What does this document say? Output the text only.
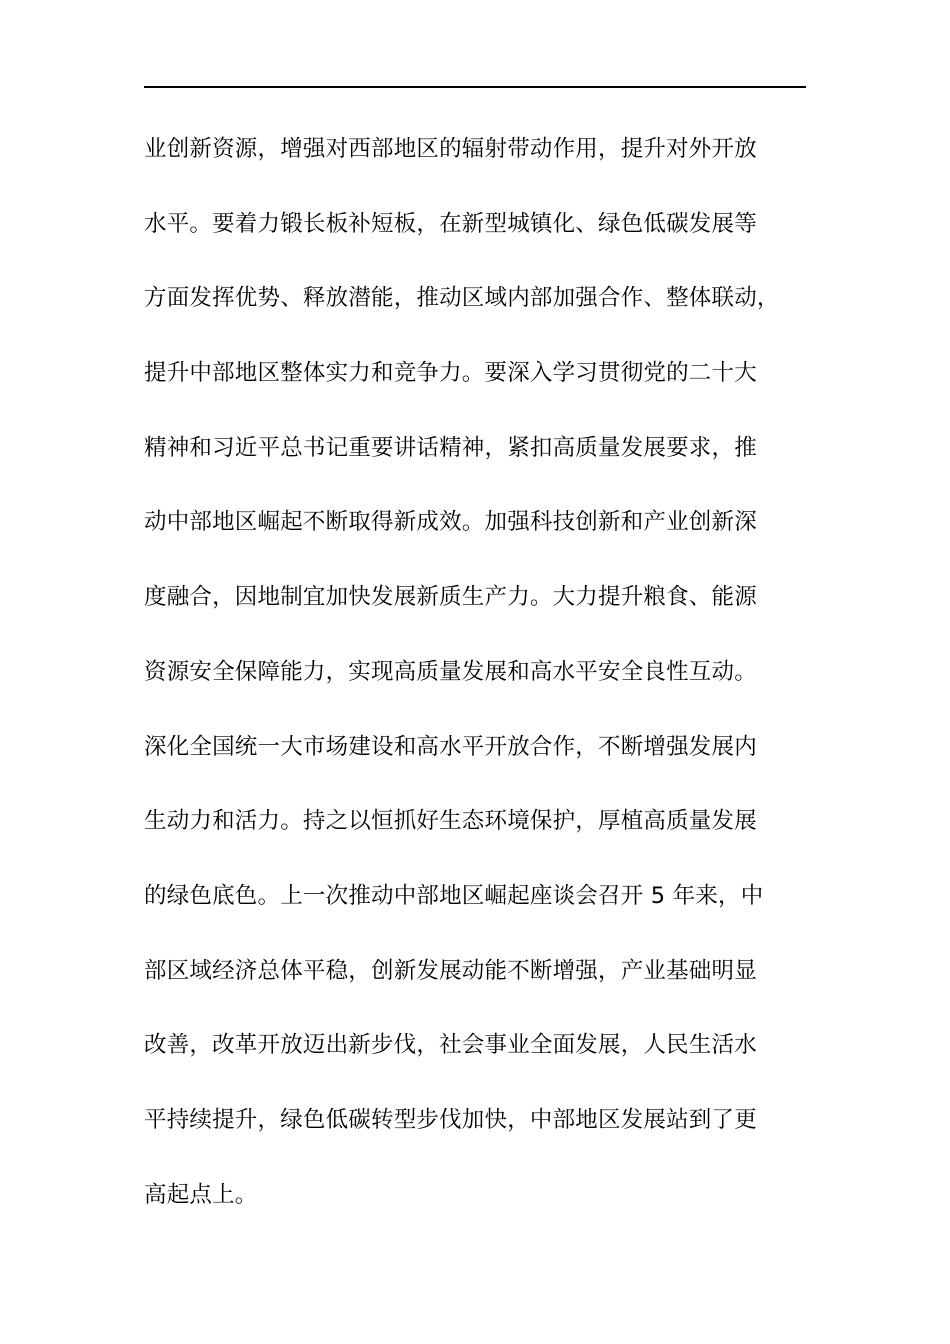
业创新资源，增强对西部地区的辐射带动作用，提升对外开放
水平。要着力锻长板补短板，在新型城镇化、绿色低碳发展等
方面发挥优势、释放潜能，推动区域内部加强合作、整体联动，
提升中部地区整体实力和竞争力。要深入学习贯彻党的二十大
精神和习近平总书记重要讲话精神，紧扣高质量发展要求，推
动中部地区崛起不断取得新成效。加强科技创新和产业创新深
度融合，因地制宜加快发展新质生产力。大力提升粮食、能源
资源安全保障能力，实现高质量发展和高水平安全良性互动。
深化全国统一大市场建设和高水平开放合作，不断增强发展内
生动力和活力。持之以恒抓好生态环境保护，厚植高质量发展
的绿色底色。上一次推动中部地区崛起座谈会召开 5 年来，中
部区域经济总体平稳，创新发展动能不断增强，产业基础明显
改善，改革开放迈出新步伐，社会事业全面发展，人民生活水
平持续提升，绿色低碳转型步伐加快，中部地区发展站到了更
高起点上。
